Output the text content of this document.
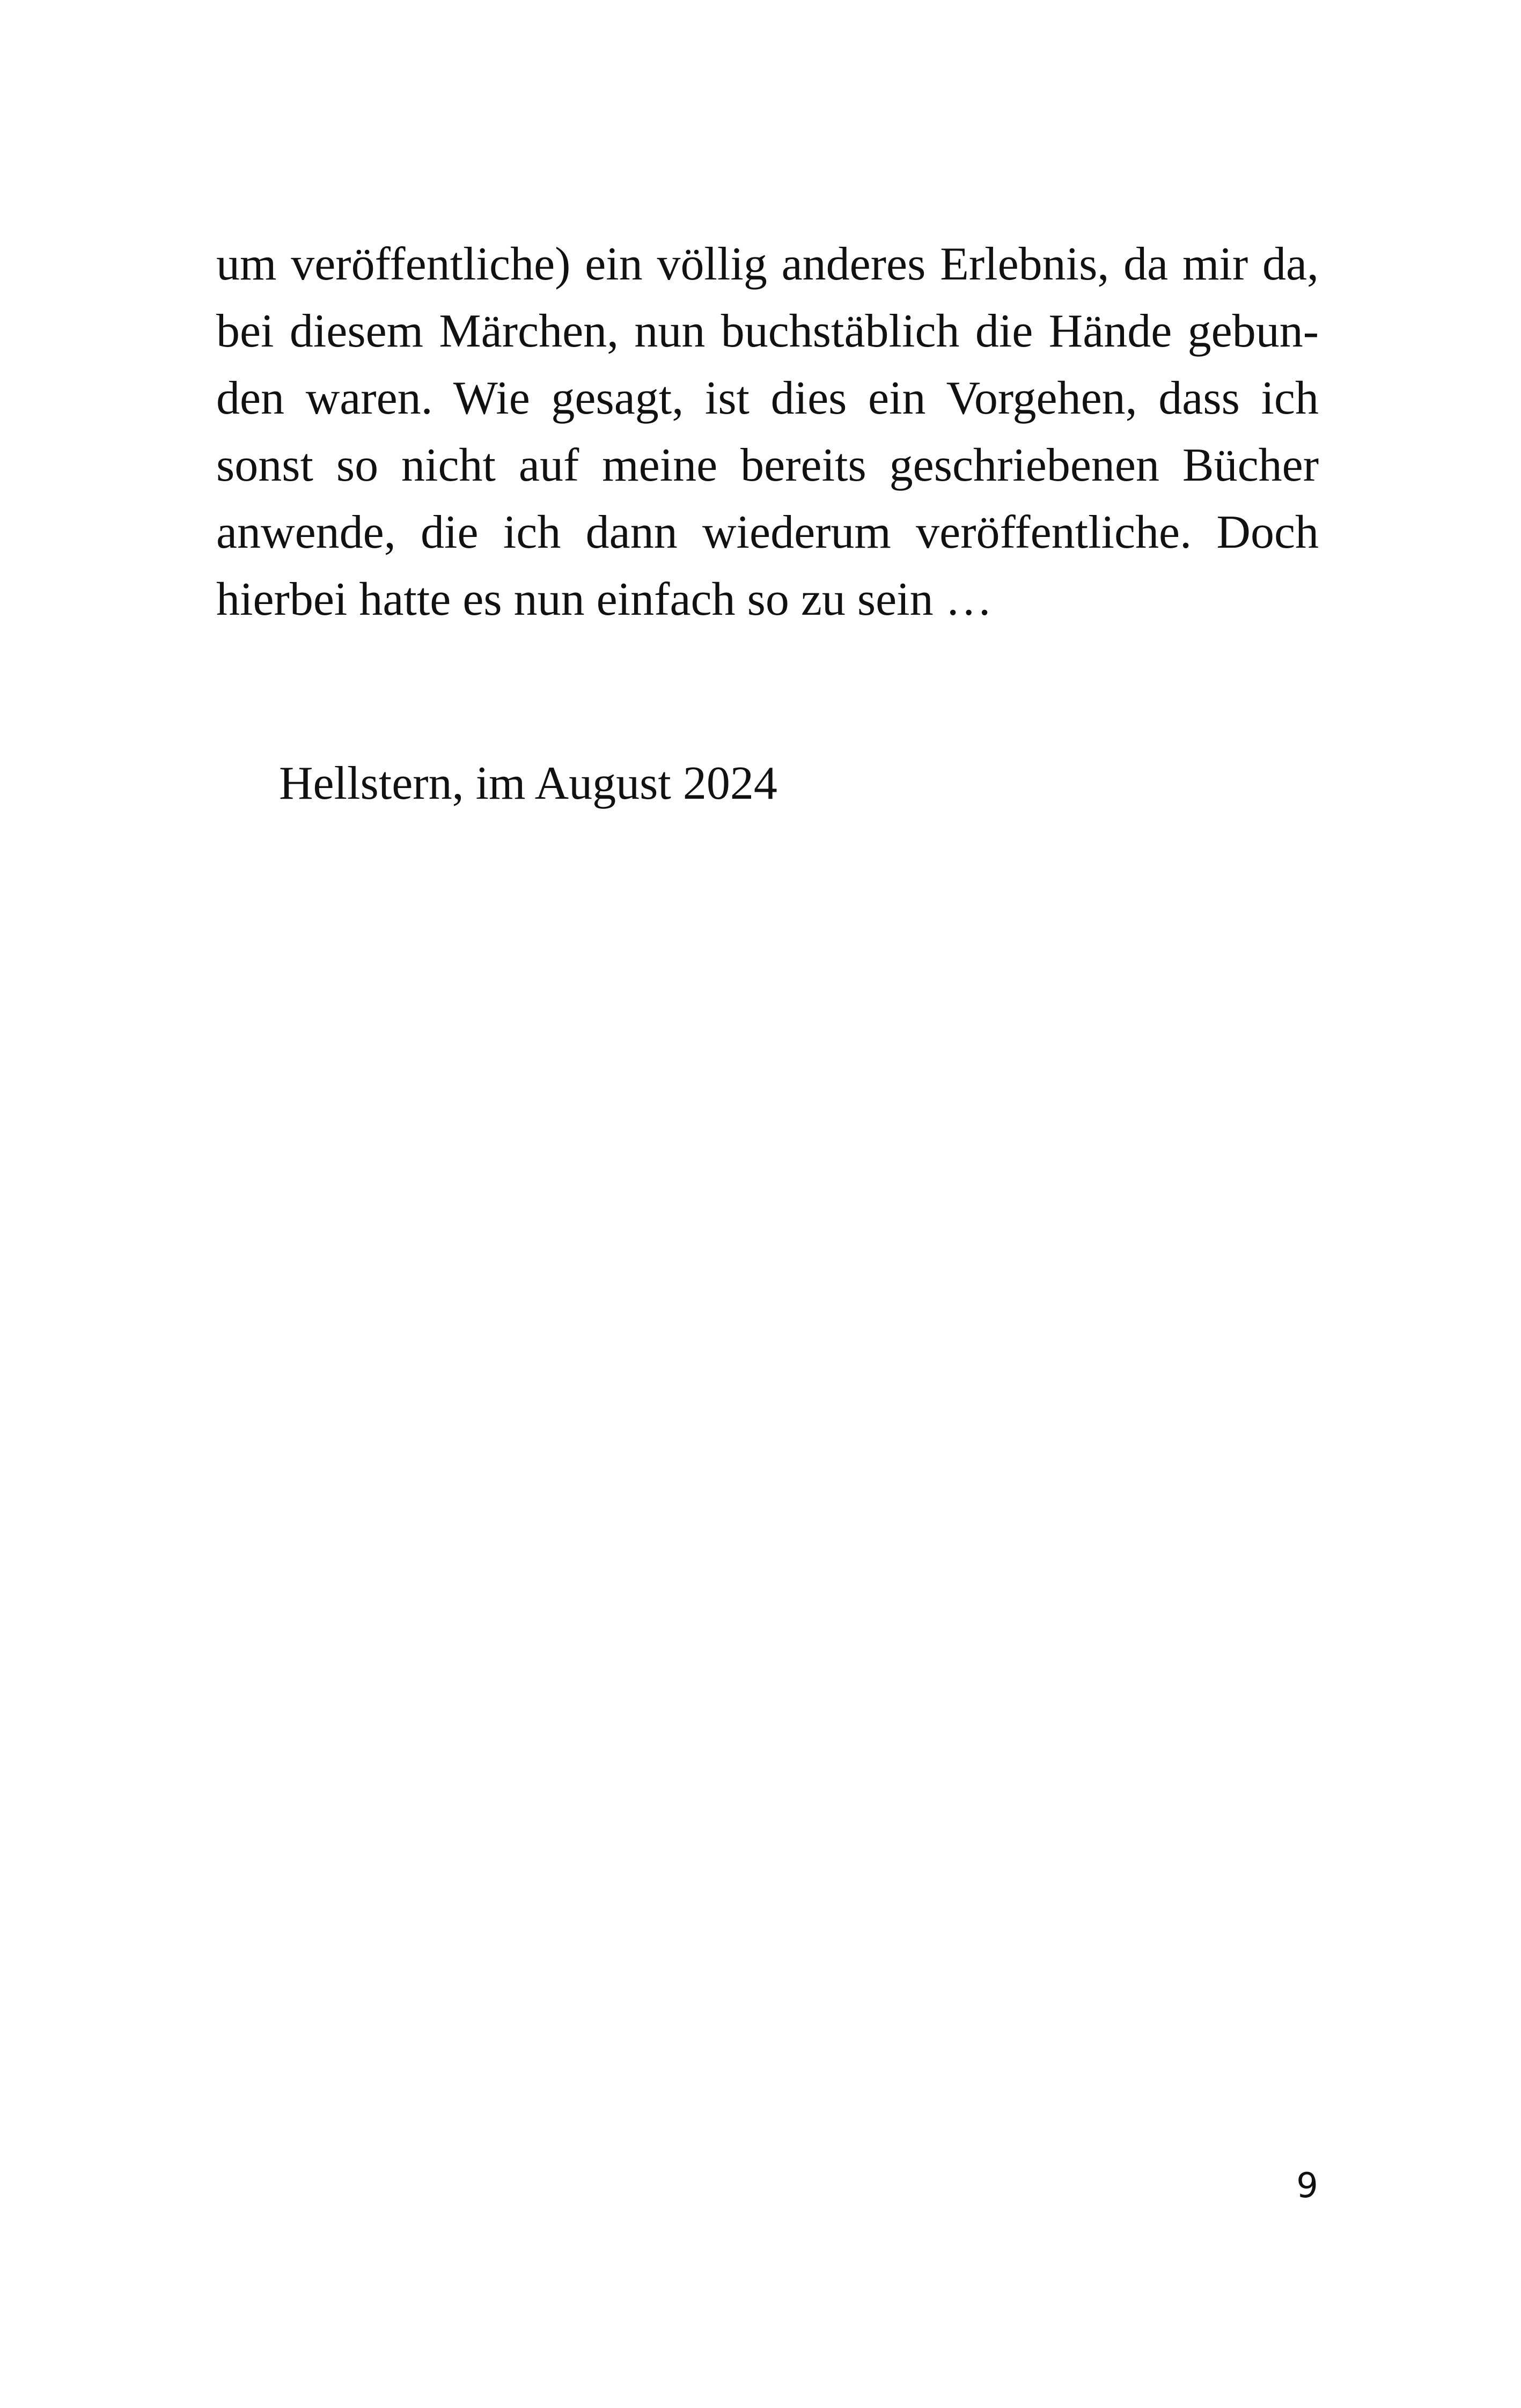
um veröffentliche) ein völlig anderes Erlebnis, da mir da,
bei diesem Märchen, nun buchstäblich die Hände gebun-
den waren. Wie gesagt, ist dies ein Vorgehen, dass ich
sonst so nicht auf meine bereits geschriebenen Bücher
anwende, die ich dann wiederum veröffentliche. Doch
hierbei hatte es nun einfach so zu sein …
Hellstern, im August 2024
9
